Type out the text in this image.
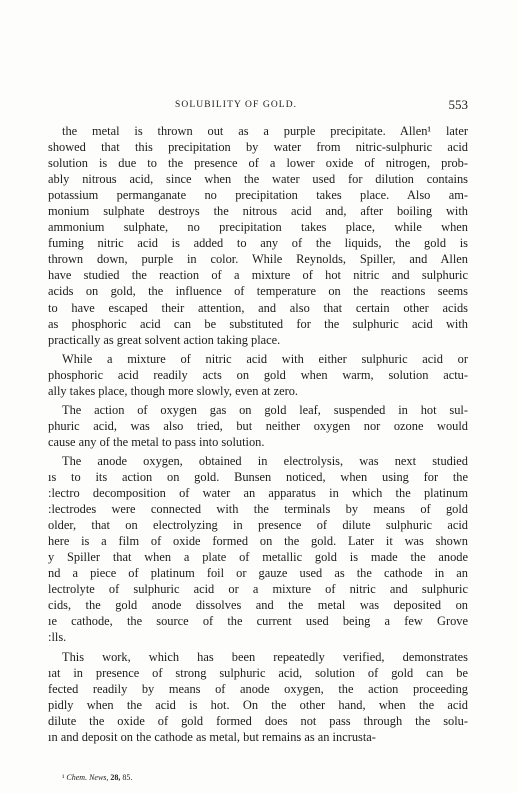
SOLUBILITY OF GOLD.	553

the metal is thrown out as a purple precipitate. Allen¹ later
showed that this precipitation by water from nitric-sulphuric acid
solution is due to the presence of a lower oxide of nitrogen, prob-
ably nitrous acid, since when the water used for dilution contains
potassium permanganate no precipitation takes place. Also am-
monium sulphate destroys the nitrous acid and, after boiling with
ammonium sulphate, no precipitation takes place, while when
fuming nitric acid is added to any of the liquids, the gold is
thrown down, purple in color. While Reynolds, Spiller, and Allen
have studied the reaction of a mixture of hot nitric and sulphuric
acids on gold, the influence of temperature on the reactions seems
to have escaped their attention, and also that certain other acids
as phosphoric acid can be substituted for the sulphuric acid with
practically as great solvent action taking place.

While a mixture of nitric acid with either sulphuric acid or
phosphoric acid readily acts on gold when warm, solution actu-
ally takes place, though more slowly, even at zero.

The action of oxygen gas on gold leaf, suspended in hot sul-
phuric acid, was also tried, but neither oxygen nor ozone would
cause any of the metal to pass into solution.

The anode oxygen, obtained in electrolysis, was next studied
ıs to its action on gold. Bunsen noticed, when using for the
:lectro decomposition of water an apparatus in which the platinum
:lectrodes were connected with the terminals by means of gold
older, that on electrolyzing in presence of dilute sulphuric acid
here is a film of oxide formed on the gold. Later it was shown
y Spiller that when a plate of metallic gold is made the anode
nd a piece of platinum foil or gauze used as the cathode in an
lectrolyte of sulphuric acid or a mixture of nitric and sulphuric
cids, the gold anode dissolves and the metal was deposited on
ıe cathode, the source of the current used being a few Grove
:lls.

This work, which has been repeatedly verified, demonstrates
ıat in presence of strong sulphuric acid, solution of gold can be
fected readily by means of anode oxygen, the action proceeding
pidly when the acid is hot. On the other hand, when the acid
dilute the oxide of gold formed does not pass through the solu-
ın and deposit on the cathode as metal, but remains as an incrusta-

¹ Chem. News, 28, 85.
